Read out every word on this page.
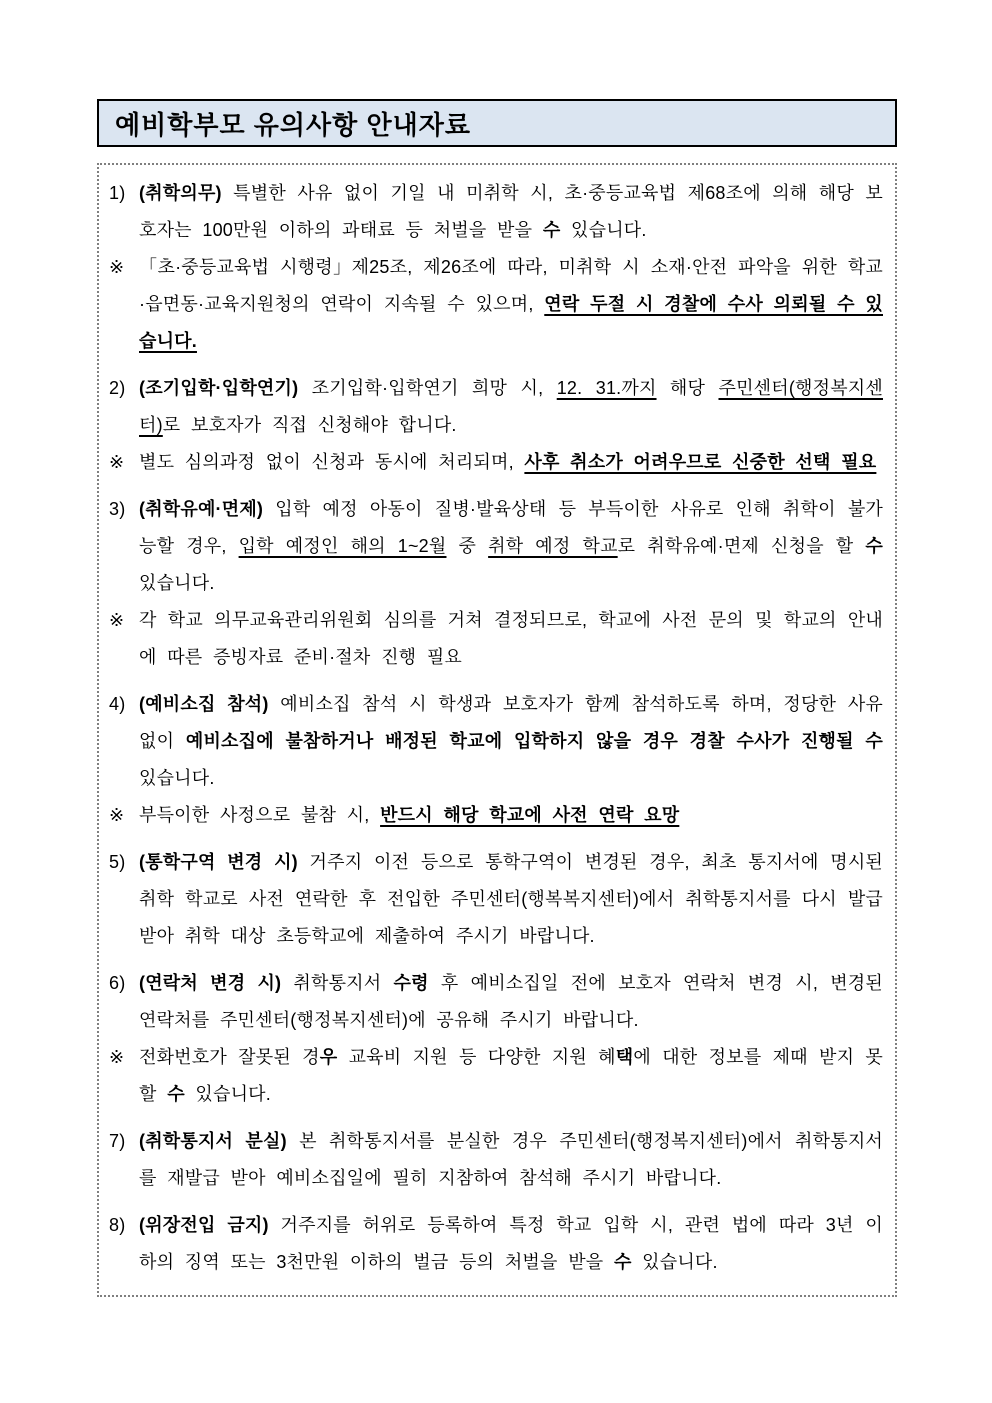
예비학부모 유의사항 안내자료
1) (취학의무) 특별한 사유 없이 기일 내 미취학 시, 초·중등교육법 제68조에 의해 해당 보호자는 100만원 이하의 과태료 등 처벌을 받을 수 있습니다.
※ 「초·중등교육법 시행령」제25조, 제26조에 따라, 미취학 시 소재·안전 파악을 위한 학교·읍면동·교육지원청의 연락이 지속될 수 있으며, 연락 두절 시 경찰에 수사 의뢰될 수 있습니다.
2) (조기입학·입학연기) 조기입학·입학연기 희망 시, 12. 31.까지 해당 주민센터(행정복지센터)로 보호자가 직접 신청해야 합니다.
※ 별도 심의과정 없이 신청과 동시에 처리되며, 사후 취소가 어려우므로 신중한 선택 필요
3) (취학유예·면제) 입학 예정 아동이 질병·발육상태 등 부득이한 사유로 인해 취학이 불가능할 경우, 입학 예정인 해의 1~2월 중 취학 예정 학교로 취학유예·면제 신청을 할 수 있습니다.
※ 각 학교 의무교육관리위원회 심의를 거쳐 결정되므로, 학교에 사전 문의 및 학교의 안내에 따른 증빙자료 준비·절차 진행 필요
4) (예비소집 참석) 예비소집 참석 시 학생과 보호자가 함께 참석하도록 하며, 정당한 사유 없이 예비소집에 불참하거나 배정된 학교에 입학하지 않을 경우 경찰 수사가 진행될 수 있습니다.
※ 부득이한 사정으로 불참 시, 반드시 해당 학교에 사전 연락 요망
5) (통학구역 변경 시) 거주지 이전 등으로 통학구역이 변경된 경우, 최초 통지서에 명시된 취학 학교로 사전 연락한 후 전입한 주민센터(행복복지센터)에서 취학통지서를 다시 발급받아 취학 대상 초등학교에 제출하여 주시기 바랍니다.
6) (연락처 변경 시) 취학통지서 수령 후 예비소집일 전에 보호자 연락처 변경 시, 변경된 연락처를 주민센터(행정복지센터)에 공유해 주시기 바랍니다.
※ 전화번호가 잘못된 경우 교육비 지원 등 다양한 지원 혜택에 대한 정보를 제때 받지 못할 수 있습니다.
7) (취학통지서 분실) 본 취학통지서를 분실한 경우 주민센터(행정복지센터)에서 취학통지서를 재발급 받아 예비소집일에 필히 지참하여 참석해 주시기 바랍니다.
8) (위장전입 금지) 거주지를 허위로 등록하여 특정 학교 입학 시, 관련 법에 따라 3년 이하의 징역 또는 3천만원 이하의 벌금 등의 처벌을 받을 수 있습니다.
